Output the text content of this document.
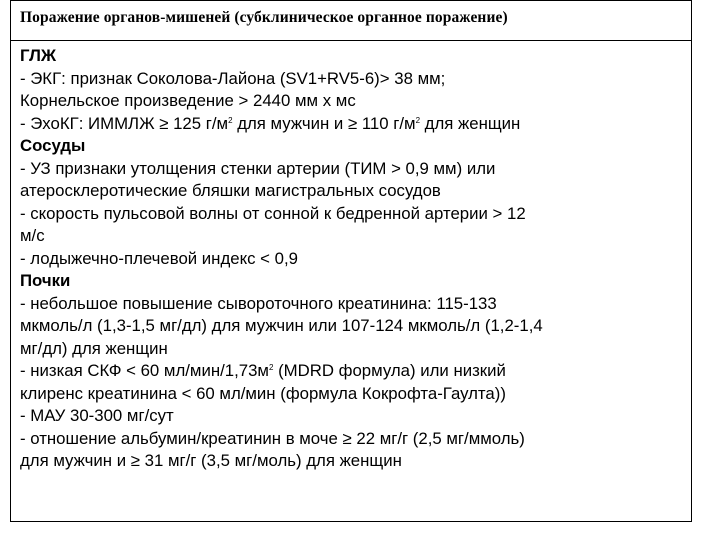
Поражение органов-мишеней (субклиническое органное поражение)
ГЛЖ
- ЭКГ: признак Соколова-Лайона (SV1+RV5-6)> 38 мм;
Корнельское произведение > 2440 мм х мс
- ЭхоКГ: ИММЛЖ ≥ 125 $г/м^2$ для мужчин и ≥ 110 $г/м^2$ для женщин
Сосуды
- УЗ признаки утолщения стенки артерии (ТИМ > 0,9 мм) или
атеросклеротические бляшки магистральных сосудов
- скорость пульсовой волны от сонной к бедренной артерии > 12
м/с
- лодыжечно-плечевой индекс < 0,9
Почки
- небольшое повышение сывороточного креатинина: 115-133
мкмоль/л (1,3-1,5 мг/дл) для мужчин или 107-124 мкмоль/л (1,2-1,4
мг/дл) для женщин
- низкая СКФ < 60 $мл/мин/1,73м^2$ (MDRD формула) или низкий
клиренс креатинина < 60 мл/мин (формула Кокрофта-Гаулта))
- МАУ 30-300 мг/сут
- отношение альбумин/креатинин в моче ≥ 22 мг/г (2,5 мг/ммоль)
для мужчин и ≥ 31 мг/г (3,5 мг/моль) для женщин
